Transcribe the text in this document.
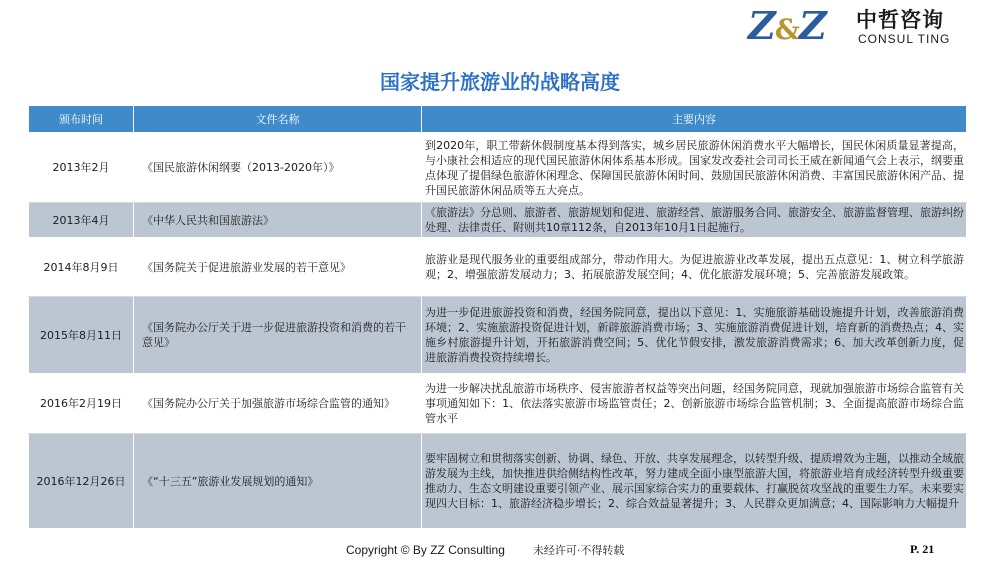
Z&Z	中哲咨询
CONSUL TING
国家提升旅游业的战略高度
颁布时间	文件名称	主要内容
2013年2月	《国民旅游休闲纲要（2013-2020年）》	到2020年，职工带薪休假制度基本得到落实，城乡居民旅游休闲消费水平大幅增长，国民休闲质量显著提高，与小康社会相适应的现代国民旅游休闲体系基本形成。国家发改委社会司司长王威在新闻通气会上表示，纲要重点体现了提倡绿色旅游休闲理念、保障国民旅游休闲时间、鼓励国民旅游休闲消费、丰富国民旅游休闲产品、提升国民旅游休闲品质等五大亮点。
2013年4月	《中华人民共和国旅游法》	《旅游法》分总则、旅游者、旅游规划和促进、旅游经营、旅游服务合同、旅游安全、旅游监督管理、旅游纠纷处理、法律责任、附则共10章112条，自2013年10月1日起施行。
2014年8月9日	《国务院关于促进旅游业发展的若干意见》	旅游业是现代服务业的重要组成部分，带动作用大。为促进旅游业改革发展，提出五点意见：1、树立科学旅游观；2、增强旅游发展动力；3、拓展旅游发展空间；4、优化旅游发展环境；5、完善旅游发展政策。
2015年8月11日	《国务院办公厅关于进一步促进旅游投资和消费的若干意见》	为进一步促进旅游投资和消费，经国务院同意，提出以下意见：1、实施旅游基础设施提升计划，改善旅游消费环境；2、实施旅游投资促进计划，新辟旅游消费市场；3、实施旅游消费促进计划，培育新的消费热点；4、实施乡村旅游提升计划，开拓旅游消费空间；5、优化节假安排，激发旅游消费需求；6、加大改革创新力度，促进旅游消费投资持续增长。
2016年2月19日	《国务院办公厅关于加强旅游市场综合监管的通知》	为进一步解决扰乱旅游市场秩序、侵害旅游者权益等突出问题，经国务院同意，现就加强旅游市场综合监管有关事项通知如下：1、依法落实旅游市场监管责任；2、创新旅游市场综合监管机制；3、全面提高旅游市场综合监管水平
2016年12月26日	《“十三五”旅游业发展规划的通知》	要牢固树立和贯彻落实创新、协调、绿色、开放、共享发展理念，以转型升级、提质增效为主题，以推动全域旅游发展为主线，加快推进供给侧结构性改革，努力建成全面小康型旅游大国，将旅游业培育成经济转型升级重要推动力、生态文明建设重要引领产业、展示国家综合实力的重要载体、打赢脱贫攻坚战的重要生力军。未来要实现四大目标：1、旅游经济稳步增长；2、综合效益显著提升；3、人民群众更加满意；4、国际影响力大幅提升
Copyright © By ZZ Consulting	未经许可·不得转载	P. 21
